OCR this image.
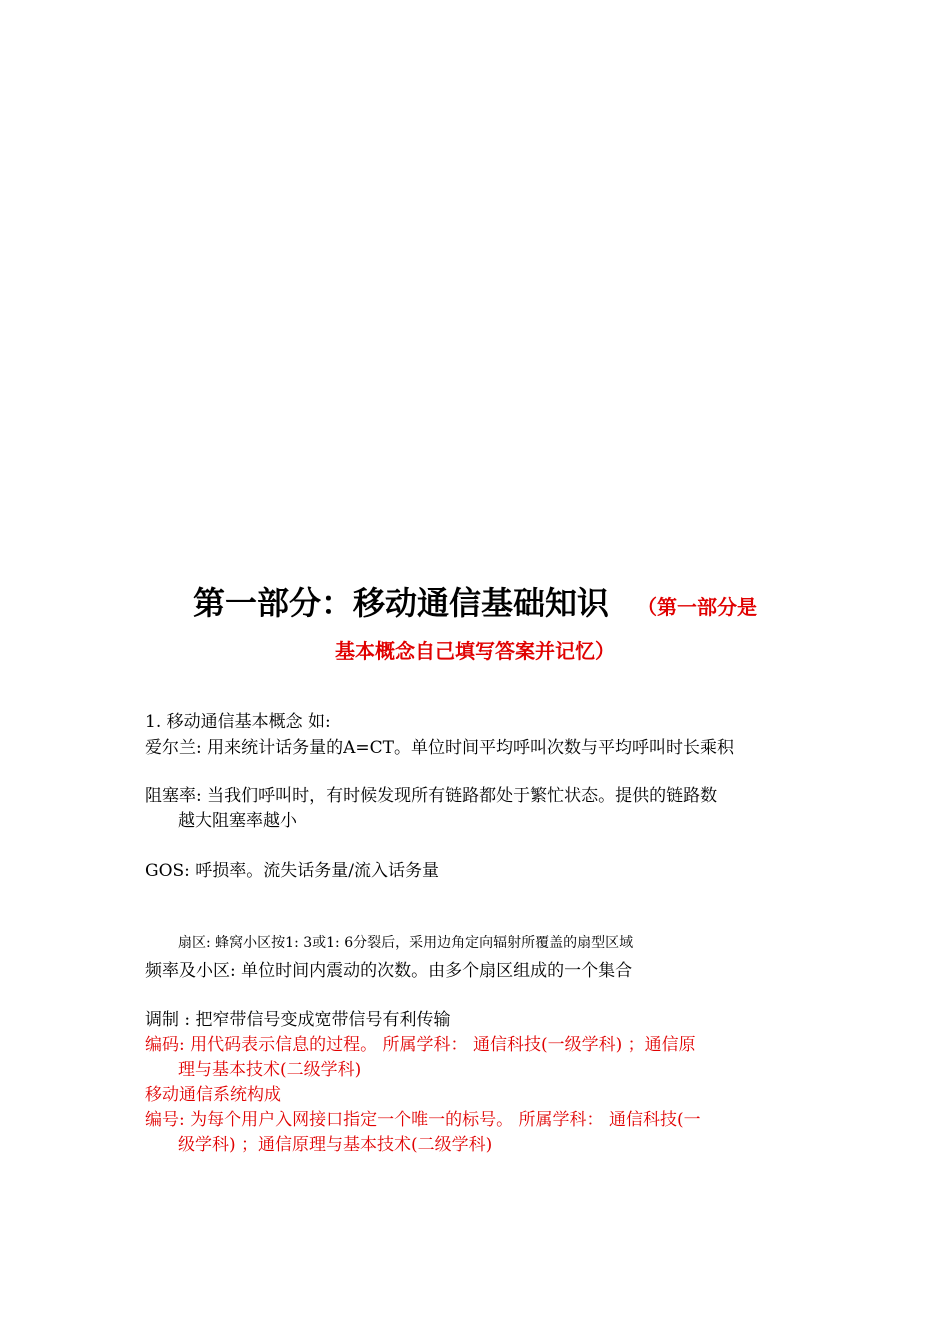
第一部分：移动通信基础知识 （第一部分是
基本概念自己填写答案并记忆）
1. 移动通信基本概念 如:
爱尔兰: 用来统计话务量的A=CT。单位时间平均呼叫次数与平均呼叫时长乘积
阻塞率: 当我们呼叫时，有时候发现所有链路都处于繁忙状态。提供的链路数
越大阻塞率越小
GOS: 呼损率。流失话务量/流入话务量
扇区: 蜂窝小区按1: 3或1: 6分裂后，采用边角定向辐射所覆盖的扇型区域
频率及小区: 单位时间内震动的次数。由多个扇区组成的一个集合
调制 : 把窄带信号变成宽带信号有利传输
编码: 用代码表示信息的过程。 所属学科： 通信科技(一级学科) ；通信原
理与基本技术(二级学科)
移动通信系统构成
编号: 为每个用户入网接口指定一个唯一的标号。 所属学科： 通信科技(一
级学科) ；通信原理与基本技术(二级学科)
